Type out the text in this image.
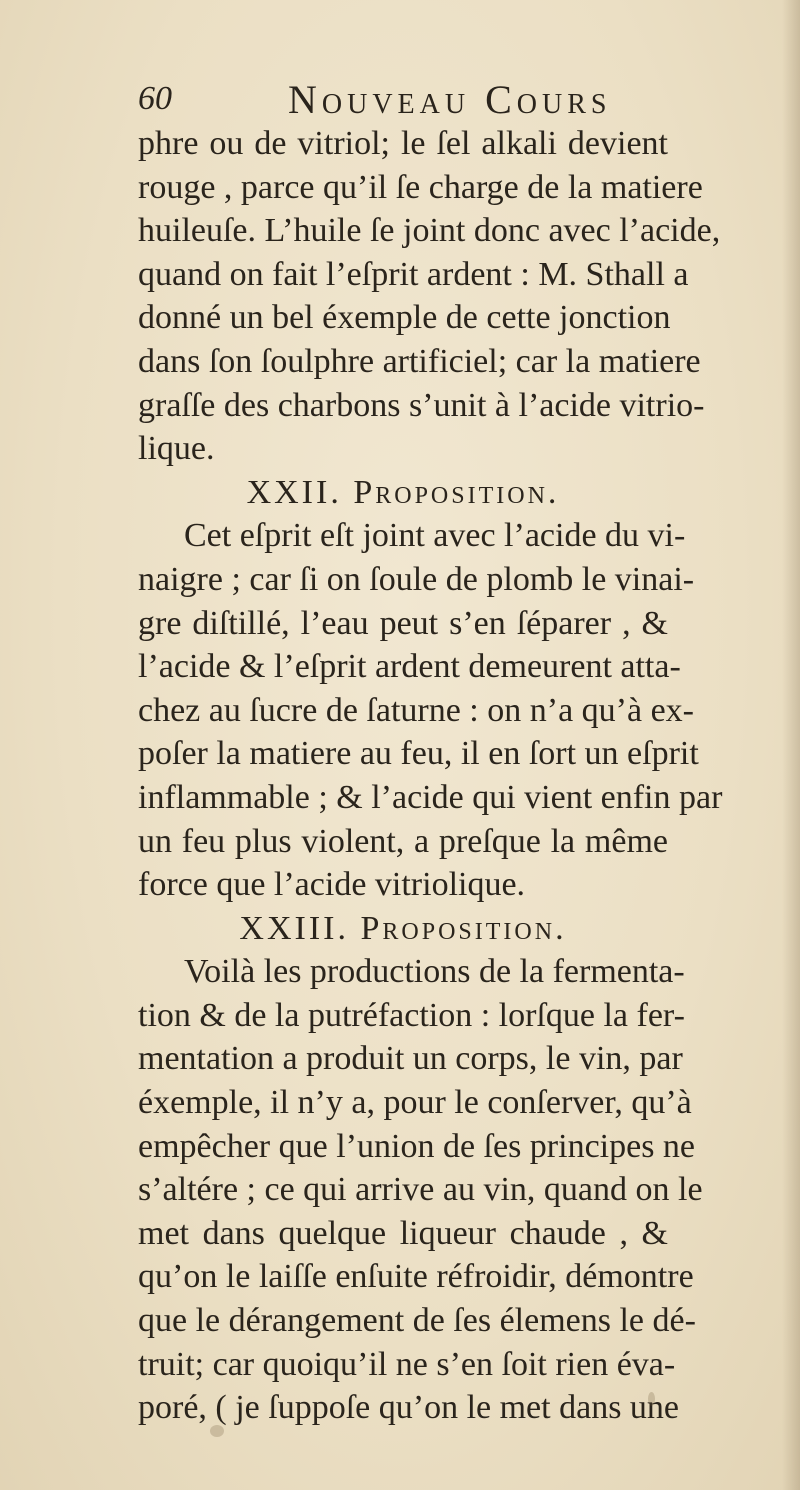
60	Nouveau Cours
phre ou de vitriol; le ſel alkali devient
rouge , parce qu’il ſe charge de la matiere
huileuſe. L’huile ſe joint donc avec l’acide,
quand on fait l’eſprit ardent : M. Sthall a
donné un bel éxemple de cette jonction
dans ſon ſoulphre artificiel; car la matiere
graſſe des charbons s’unit à l’acide vitrio-
lique.
XXII. Proposition.
Cet eſprit eſt joint avec l’acide du vi-
naigre ; car ſi on ſoule de plomb le vinai-
gre diſtillé, l’eau peut s’en ſéparer , &
l’acide & l’eſprit ardent demeurent atta-
chez au ſucre de ſaturne : on n’a qu’à ex-
poſer la matiere au feu, il en ſort un eſprit
inflammable ; & l’acide qui vient enfin par
un feu plus violent, a preſque la même
force que l’acide vitriolique.
XXIII. Proposition.
Voilà les productions de la fermenta-
tion & de la putréfaction : lorſque la fer-
mentation a produit un corps, le vin, par
éxemple, il n’y a, pour le conſerver, qu’à
empêcher que l’union de ſes principes ne
s’altére ; ce qui arrive au vin, quand on le
met dans quelque liqueur chaude , &
qu’on le laiſſe enſuite réfroidir, démontre
que le dérangement de ſes élemens le dé-
truit; car quoiqu’il ne s’en ſoit rien éva-
poré, ( je ſuppoſe qu’on le met dans une
